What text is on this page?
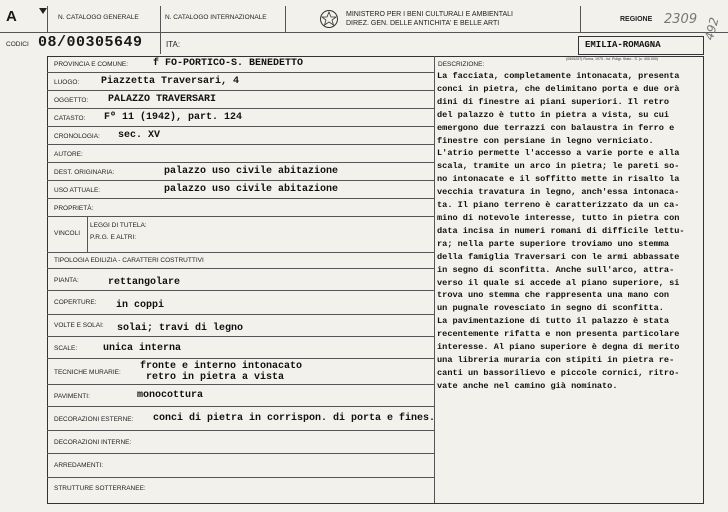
A	N. CATALOGO GENERALE	N. CATALOGO INTERNAZIONALE	MINISTERO PER I BENI CULTURALI E AMBIENTALI
DIREZ. GEN. DELLE ANTICHITA' E BELLE ARTI
REGIONE 2309
CODICI 08/00305649	ITA:	EMILIA-ROMAGNA
492
PROVINCIA E COMUNE: f FO-PORTICO-S. BENEDETTO
LUOGO: Piazzetta Traversari, 4
OGGETTO: PALAZZO TRAVERSARI
CATASTO: Fº 11 (1942), part. 124
CRONOLOGIA: sec. XV
AUTORE:
DEST. ORIGINARIA:	palazzo uso civile abitazione
USO ATTUALE:	palazzo uso civile abitazione
PROPRIETÀ:
VINCOLI
LEGGI DI TUTELA:
P.R.G. E ALTRI:
TIPOLOGIA EDILIZIA - CARATTERI COSTRUTTIVI
PIANTA:	rettangolare
COPERTURE: in coppi
VOLTE E SOLAI: solai; travi di legno
SCALE:	unica interna
TECNICHE MURARIE:
fronte e interno intonacato
retro in pietra a vista
PAVIMENTI:	monocottura
DECORAZIONI ESTERNE: conci di pietra in corrispon. di porta e fines.
DECORAZIONI INTERNE:
ARREDAMENTI:
STRUTTURE SOTTERRANEE:
DESCRIZIONE:
(0505257) Roma, 1975 - Ist. Poligr. Stato - S. (c. 400.000)
La facciata, completamente intonacata, presenta
conci in pietra, che delimitano porta e due orà
dini di finestre ai piani superiori. Il retro
del palazzo è tutto in pietra a vista, su cui
emergono due terrazzi con balaustra in ferro e
finestre con persiane in legno verniciato.
L'atrio permette l'accesso a varie porte e alla
scala, tramite un arco in pietra; le pareti so-
no intonacate e il soffitto mette in risalto la
vecchia travatura in legno, anch'essa intonaca-
ta. Il piano terreno è caratterizzato da un ca-
mino di notevole interesse, tutto in pietra con
data incisa in numeri romani di difficile lettu-
ra; nella parte superiore troviamo uno stemma
della famiglia Traversari con le armi abbassate
in segno di sconfitta. Anche sull'arco, attra-
verso il quale si accede al piano superiore, si
trova uno stemma che rappresenta una mano con
un pugnale rovesciato in segno di sconfitta.
La pavimentazione di tutto il palazzo è stata
recentemente rifatta e non presenta particolare
interesse. Al piano superiore è degna di merito
una libreria muraria con stipiti in pietra re-
canti un bassorilievo e piccole cornici, ritro-
vate anche nel camino già nominato.
